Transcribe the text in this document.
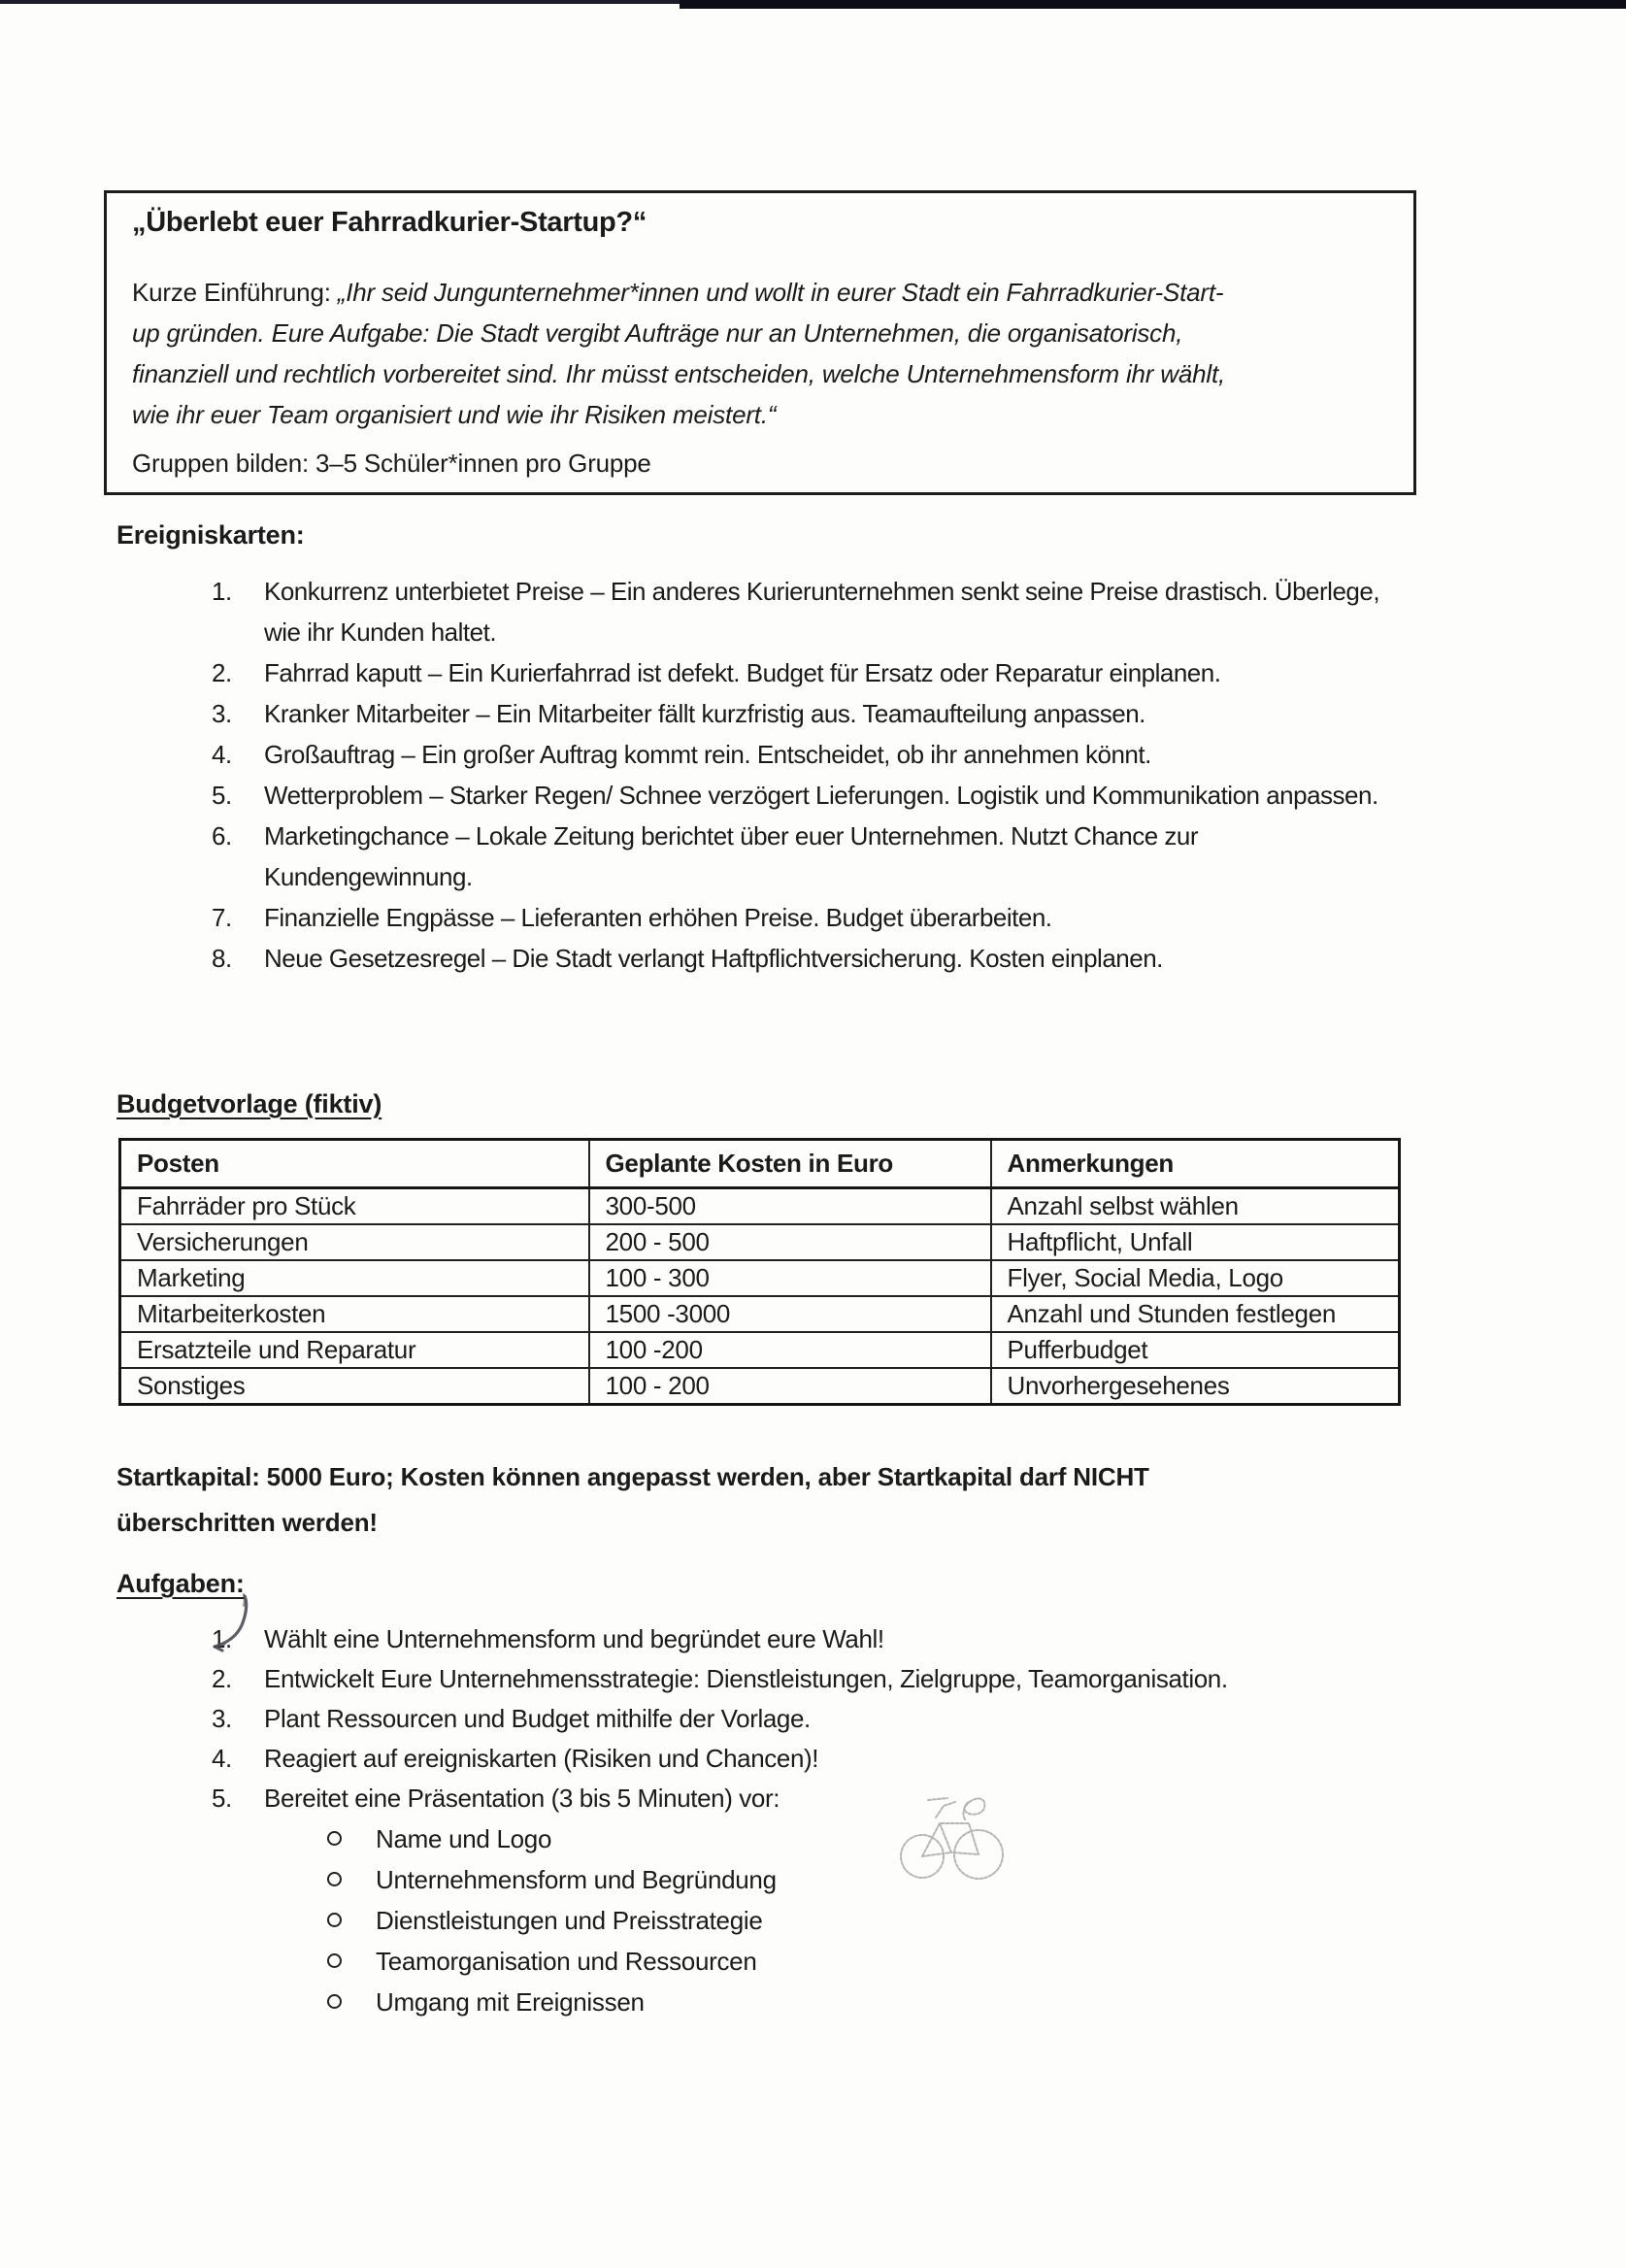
„Überlebt euer Fahrradkurier-Startup?“
Kurze Einführung: „Ihr seid Jungunternehmer*innen und wollt in eurer Stadt ein Fahrradkurier-Start-
up gründen. Eure Aufgabe: Die Stadt vergibt Aufträge nur an Unternehmen, die organisatorisch,
finanziell und rechtlich vorbereitet sind. Ihr müsst entscheiden, welche Unternehmensform ihr wählt,
wie ihr euer Team organisiert und wie ihr Risiken meistert.“
Gruppen bilden: 3–5 Schüler*innen pro Gruppe
Ereigniskarten:
1. Konkurrenz unterbietet Preise – Ein anderes Kurierunternehmen senkt seine Preise drastisch. Überlege, wie ihr Kunden haltet.
2. Fahrrad kaputt – Ein Kurierfahrrad ist defekt. Budget für Ersatz oder Reparatur einplanen.
3. Kranker Mitarbeiter – Ein Mitarbeiter fällt kurzfristig aus. Teamaufteilung anpassen.
4. Großauftrag – Ein großer Auftrag kommt rein. Entscheidet, ob ihr annehmen könnt.
5. Wetterproblem – Starker Regen/ Schnee verzögert Lieferungen. Logistik und Kommunikation anpassen.
6. Marketingchance – Lokale Zeitung berichtet über euer Unternehmen. Nutzt Chance zur Kundengewinnung.
7. Finanzielle Engpässe – Lieferanten erhöhen Preise. Budget überarbeiten.
8. Neue Gesetzesregel – Die Stadt verlangt Haftpflichtversicherung. Kosten einplanen.
Budgetvorlage (fiktiv)
Posten	Geplante Kosten in Euro	Anmerkungen
Fahrräder pro Stück	300-500	Anzahl selbst wählen
Versicherungen	200 - 500	Haftpflicht, Unfall
Marketing	100 - 300	Flyer, Social Media, Logo
Mitarbeiterkosten	1500 -3000	Anzahl und Stunden festlegen
Ersatzteile und Reparatur	100 -200	Pufferbudget
Sonstiges	100 - 200	Unvorhergesehenes
Startkapital: 5000 Euro; Kosten können angepasst werden, aber Startkapital darf NICHT überschritten werden!
Aufgaben:
1. Wählt eine Unternehmensform und begründet eure Wahl!
2. Entwickelt Eure Unternehmensstrategie: Dienstleistungen, Zielgruppe, Teamorganisation.
3. Plant Ressourcen und Budget mithilfe der Vorlage.
4. Reagiert auf ereigniskarten (Risiken und Chancen)!
5. Bereitet eine Präsentation (3 bis 5 Minuten) vor:
Name und Logo
Unternehmensform und Begründung
Dienstleistungen und Preisstrategie
Teamorganisation und Ressourcen
Umgang mit Ereignissen
